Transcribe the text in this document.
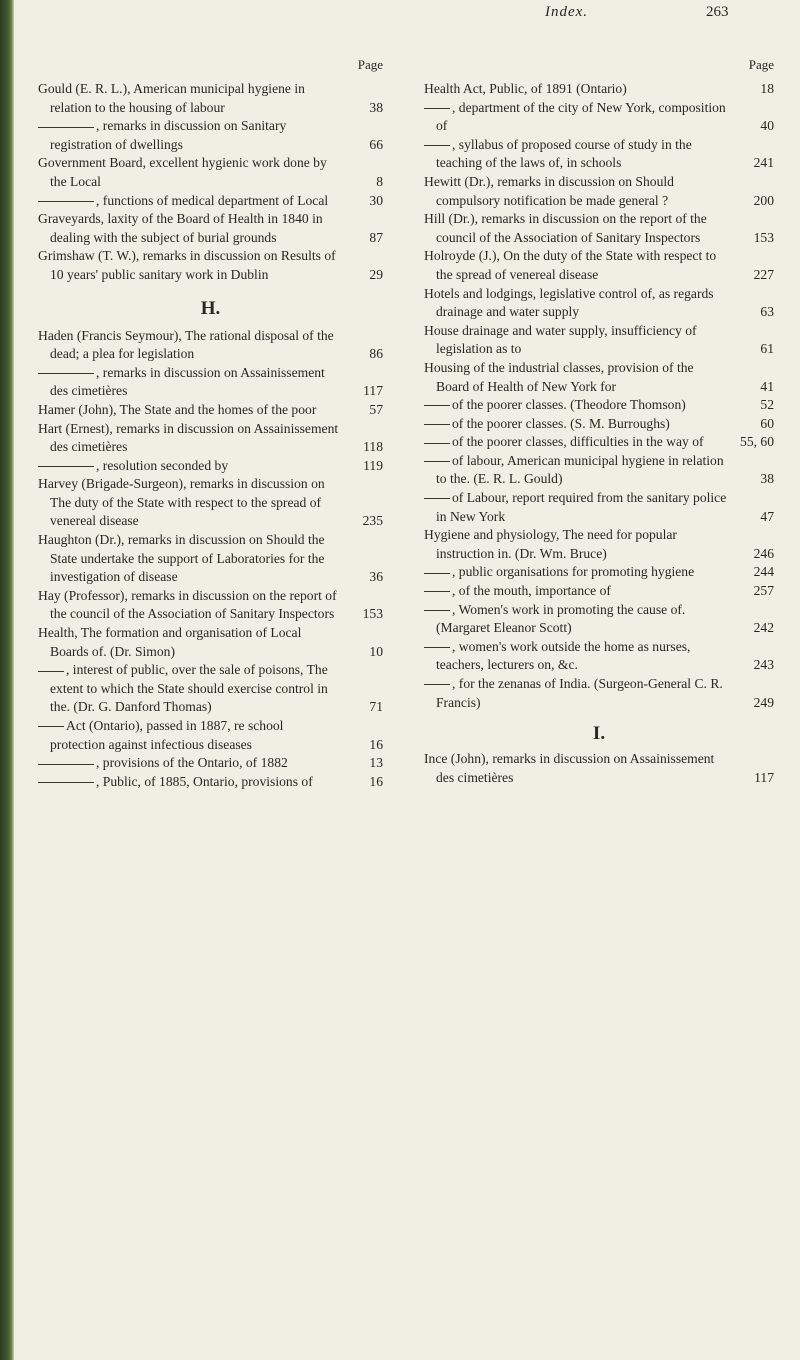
Index.	263
Page
Gould (E. R. L.), American municipal hygiene in relation to the housing of labour	38
, remarks in discussion on Sanitary registration of dwellings	66
Government Board, excellent hygienic work done by the Local	8
, functions of medical department of Local	30
Graveyards, laxity of the Board of Health in 1840 in dealing with the subject of burial grounds	87
Grimshaw (T. W.), remarks in discussion on Results of 10 years' public sanitary work in Dublin	29
H.
Haden (Francis Seymour), The rational disposal of the dead; a plea for legislation	86
, remarks in discussion on Assainissement des cimetières	117
Hamer (John), The State and the homes of the poor	57
Hart (Ernest), remarks in discussion on Assainissement des cimetières	118
, resolution seconded by	119
Harvey (Brigade-Surgeon), remarks in discussion on The duty of the State with respect to the spread of venereal disease	235
Haughton (Dr.), remarks in discussion on Should the State undertake the support of Laboratories for the investigation of disease	36
Hay (Professor), remarks in discussion on the report of the council of the Association of Sanitary Inspectors	153
Health, The formation and organisation of Local Boards of. (Dr. Simon)	10
, interest of public, over the sale of poisons, The extent to which the State should exercise control in the. (Dr. G. Danford Thomas)	71
Act (Ontario), passed in 1887, re school protection against infectious diseases	16
, provisions of the Ontario, of 1882	13
, Public, of 1885, Ontario, provisions of	16
Page
Health Act, Public, of 1891 (Ontario)	18
, department of the city of New York, composition of	40
, syllabus of proposed course of study in the teaching of the laws of, in schools	241
Hewitt (Dr.), remarks in discussion on Should compulsory notification be made general ?	200
Hill (Dr.), remarks in discussion on the report of the council of the Association of Sanitary Inspectors	153
Holroyde (J.), On the duty of the State with respect to the spread of venereal disease	227
Hotels and lodgings, legislative control of, as regards drainage and water supply	63
House drainage and water supply, insufficiency of legislation as to	61
Housing of the industrial classes, provision of the Board of Health of New York for	41
of the poorer classes. (Theodore Thomson)	52
of the poorer classes. (S. M. Burroughs)	60
of the poorer classes, difficulties in the way of	55, 60
of labour, American municipal hygiene in relation to the. (E. R. L. Gould)	38
of Labour, report required from the sanitary police in New York	47
Hygiene and physiology, The need for popular instruction in. (Dr. Wm. Bruce)	246
, public organisations for promoting hygiene	244
, of the mouth, importance of	257
, Women's work in promoting the cause of. (Margaret Eleanor Scott)	242
, women's work outside the home as nurses, teachers, lecturers on, &c.	243
, for the zenanas of India. (Surgeon-General C. R. Francis)	249
I.
Ince (John), remarks in discussion on Assainissement des cimetières	117
